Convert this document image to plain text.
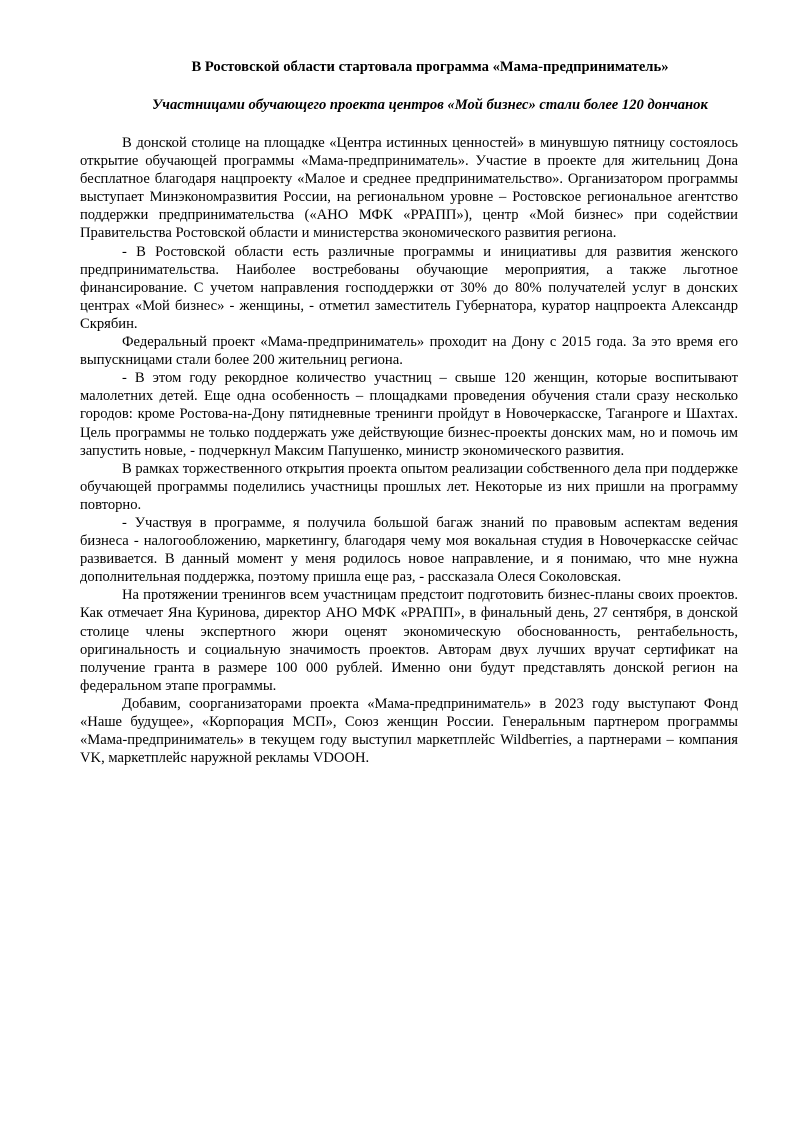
В Ростовской области стартовала программа «Мама-предприниматель»
Участницами обучающего проекта центров «Мой бизнес» стали более 120 дончанок

В донской столице на площадке «Центра истинных ценностей» в минувшую пятницу состоялось открытие обучающей программы «Мама-предприниматель». Участие в проекте для жительниц Дона бесплатное благодаря нацпроекту «Малое и среднее предпринимательство». Организатором программы выступает Минэкономразвития России, на региональном уровне – Ростовское региональное агентство поддержки предпринимательства («АНО МФК «РРАПП»), центр «Мой бизнес» при содействии Правительства Ростовской области и министерства экономического развития региона.

- В Ростовской области есть различные программы и инициативы для развития женского предпринимательства. Наиболее востребованы обучающие мероприятия, а также льготное финансирование. С учетом направления господдержки от 30% до 80% получателей услуг в донских центрах «Мой бизнес» - женщины, - отметил заместитель Губернатора, куратор нацпроекта Александр Скрябин.

Федеральный проект «Мама-предприниматель» проходит на Дону с 2015 года. За это время его выпускницами стали более 200 жительниц региона.

- В этом году рекордное количество участниц – свыше 120 женщин, которые воспитывают малолетних детей. Еще одна особенность – площадками проведения обучения стали сразу несколько городов: кроме Ростова-на-Дону пятидневные тренинги пройдут в Новочеркасске, Таганроге и Шахтах. Цель программы не только поддержать уже действующие бизнес-проекты донских мам, но и помочь им запустить новые, - подчеркнул Максим Папушенко, министр экономического развития.

В рамках торжественного открытия проекта опытом реализации собственного дела при поддержке обучающей программы поделились участницы прошлых лет. Некоторые из них пришли на программу повторно.

- Участвуя в программе, я получила большой багаж знаний по правовым аспектам ведения бизнеса - налогообложению, маркетингу, благодаря чему моя вокальная студия в Новочеркасске сейчас развивается. В данный момент у меня родилось новое направление, и я понимаю, что мне нужна дополнительная поддержка, поэтому пришла еще раз, - рассказала Олеся Соколовская.

На протяжении тренингов всем участницам предстоит подготовить бизнес-планы своих проектов. Как отмечает Яна Куринова, директор АНО МФК «РРАПП», в финальный день, 27 сентября, в донской столице члены экспертного жюри оценят экономическую обоснованность, рентабельность, оригинальность и социальную значимость проектов. Авторам двух лучших вручат сертификат на получение гранта в размере 100 000 рублей. Именно они будут представлять донской регион на федеральном этапе программы.

Добавим, соорганизаторами проекта «Мама-предприниматель» в 2023 году выступают Фонд «Наше будущее», «Корпорация МСП», Союз женщин России. Генеральным партнером программы «Мама-предприниматель» в текущем году выступил маркетплейс Wildberries, а партнерами – компания VK, маркетплейс наружной рекламы VDOOH.
